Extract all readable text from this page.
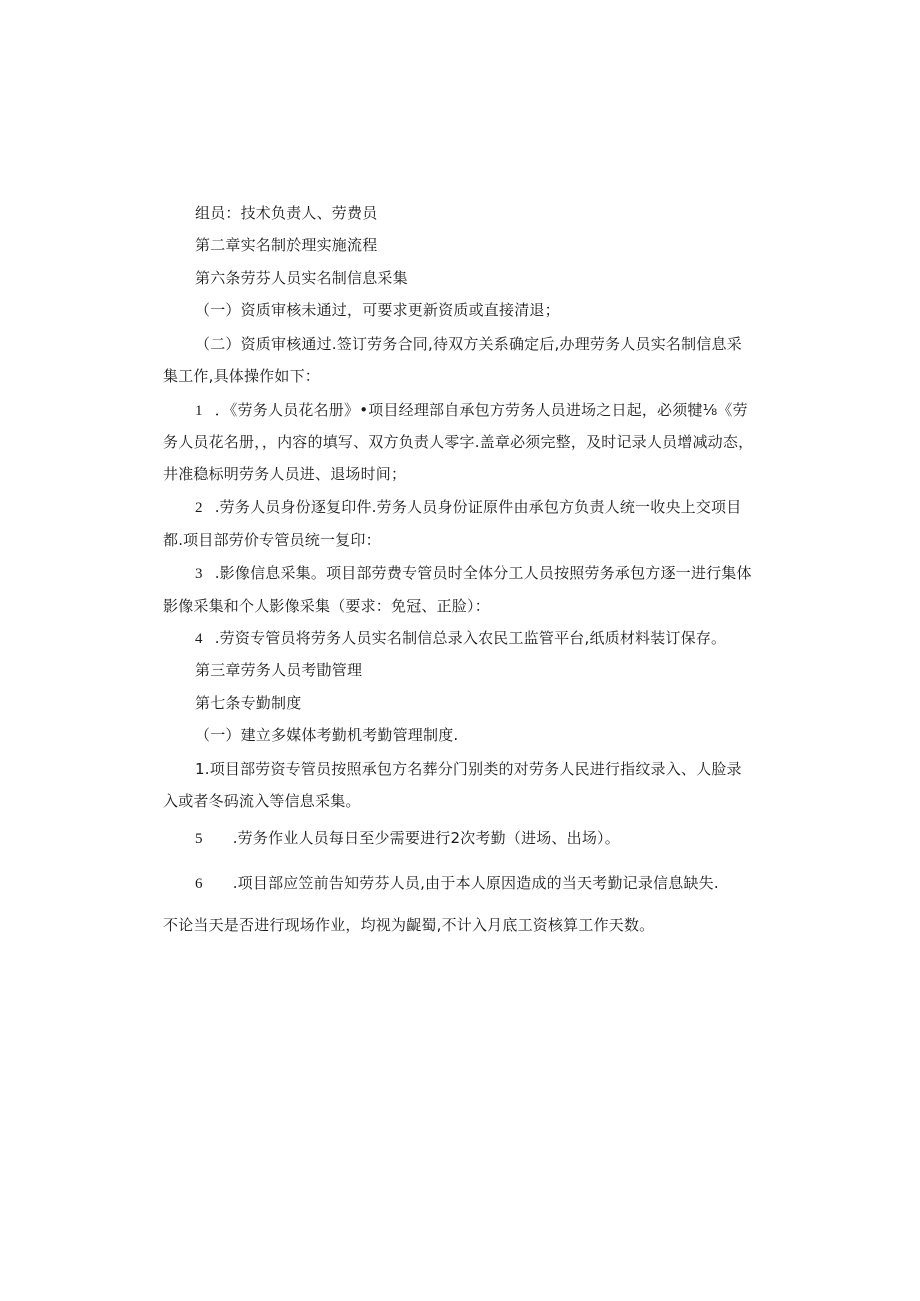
组员：技术负责人、劳费员
第二章实名制於理实施流程
第六条劳芬人员实名制信息采集
（一）资质审核未通过，可要求更新资质或直接清退；
（二）资质审核通过.签订劳务合同,待双方关系确定后,办理劳务人员实名制信息采
集工作,具体操作如下：
1 ．《劳务人员花名册》•项目经理部自承包方劳务人员进场之日起，必须犍⅛《劳
务人员花名册，，内容的填写、双方负责人零字.盖章必须完整，及时记录人员增减动态，
井准稳标明劳务人员进、退场时间；
2 .劳务人员身份逐复印件.劳务人员身份证原件由承包方负责人统一收央上交项目
都.项目部劳价专管员统一复印：
3 .影像信息采集。项目部劳费专管员时全体分工人员按照劳务承包方逐一进行集体
影像采集和个人影像采集（要求：免冠、正脸）：
4 .劳资专管员将劳务人员实名制信总录入农民工监管平台,纸质材料装订保存。
第三章劳务人员考勖管理
第七条专勤制度
（一）建立多媒体考勤机考勤管理制度.
1.项目部劳资专管员按照承包方名葬分门别类的对劳务人民进行指纹录入、人脸录
入或者冬码流入等信息采集。
5 .劳务作业人员每日至少需要进行2次考勤（进场、出场）。
6 .项目部应笠前告知劳芬人员,由于本人原因造成的当天考勤记录信息缺失.
不论当天是否进行现场作业，均视为齪蜀,不计入月底工资核算工作天数。
